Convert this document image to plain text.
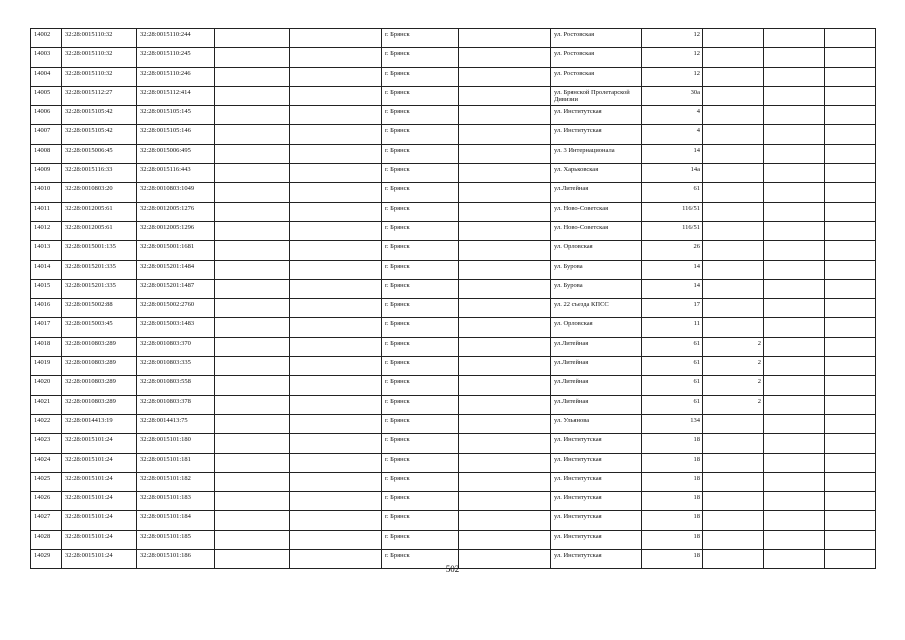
14002	32:28:0015110:32	32:28:0015110:244			г. Брянск		ул. Ростовская	12			
14003	32:28:0015110:32	32:28:0015110:245			г. Брянск		ул. Ростовская	12			
14004	32:28:0015110:32	32:28:0015110:246			г. Брянск		ул. Ростовская	12			
14005	32:28:0015112:27	32:28:0015112:414			г. Брянск		ул. Брянской Пролетарской Дивизии	30а			
14006	32:28:0015105:42	32:28:0015105:145			г. Брянск		ул. Институтская	4			
14007	32:28:0015105:42	32:28:0015105:146			г. Брянск		ул. Институтская	4			
14008	32:28:0015006:45	32:28:0015006:495			г. Брянск		ул. 3 Интернационала	14			
14009	32:28:0015116:33	32:28:0015116:443			г. Брянск		ул. Харьковская	14а			
14010	32:28:0010803:20	32:28:0010803:1049			г. Брянск		ул.Литейная	61			
14011	32:28:0012005:61	32:28:0012005:1276			г. Брянск		ул. Ново-Советская	116/51			
14012	32:28:0012005:61	32:28:0012005:1296			г. Брянск		ул. Ново-Советская	116/51			
14013	32:28:0015001:135	32:28:0015001:1681			г. Брянск		ул. Орловская	26			
14014	32:28:0015201:335	32:28:0015201:1484			г. Брянск		ул. Бурова	14			
14015	32:28:0015201:335	32:28:0015201:1487			г. Брянск		ул. Бурова	14			
14016	32:28:0015002:88	32:28:0015002:2760			г. Брянск		ул. 22 съезда КПСС	17			
14017	32:28:0015003:45	32:28:0015003:1483			г. Брянск		ул. Орловская	11			
14018	32:28:0010803:289	32:28:0010803:370			г. Брянск		ул.Литейная	61	2		
14019	32:28:0010803:289	32:28:0010803:335			г. Брянск		ул.Литейная	61	2		
14020	32:28:0010803:289	32:28:0010803:558			г. Брянск		ул.Литейная	61	2		
14021	32:28:0010803:289	32:28:0010803:378			г. Брянск		ул.Литейная	61	2		
14022	32:28:0014413:19	32:28:0014413:75			г. Брянск		ул. Ульянова	134			
14023	32:28:0015101:24	32:28:0015101:180			г. Брянск		ул. Институтская	18			
14024	32:28:0015101:24	32:28:0015101:181			г. Брянск		ул. Институтская	18			
14025	32:28:0015101:24	32:28:0015101:182			г. Брянск		ул. Институтская	18			
14026	32:28:0015101:24	32:28:0015101:183			г. Брянск		ул. Институтская	18			
14027	32:28:0015101:24	32:28:0015101:184			г. Брянск		ул. Институтская	18			
14028	32:28:0015101:24	32:28:0015101:185			г. Брянск		ул. Институтская	18			
14029	32:28:0015101:24	32:28:0015101:186			г. Брянск		ул. Институтская	18			
502
